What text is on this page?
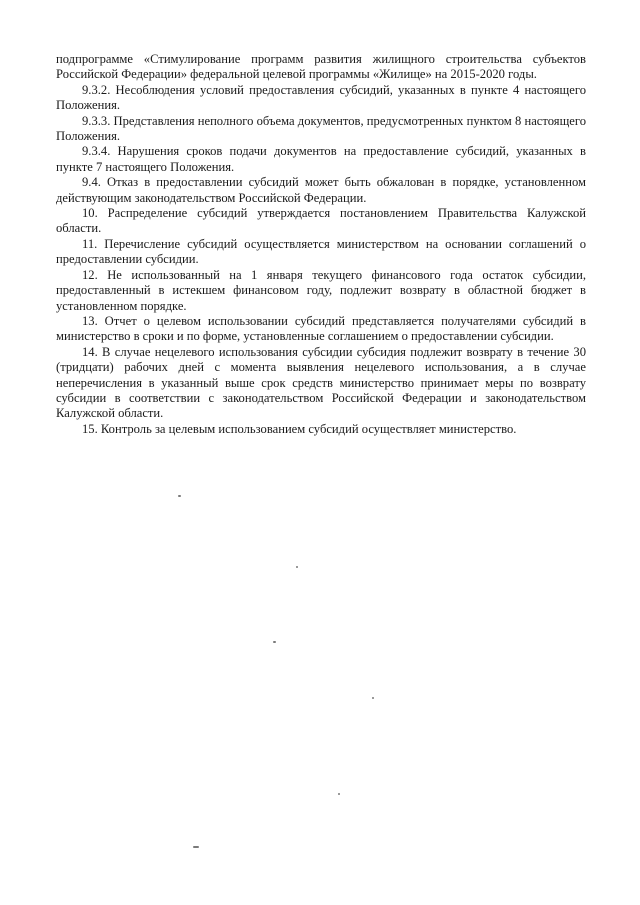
подпрограмме «Стимулирование программ развития жилищного строительства субъектов Российской Федерации» федеральной целевой программы «Жилище» на 2015-2020 годы.

9.3.2. Несоблюдения условий предоставления субсидий, указанных в пункте 4 настоящего Положения.

9.3.3. Представления неполного объема документов, предусмотренных пунктом 8 настоящего Положения.

9.3.4. Нарушения сроков подачи документов на предоставление субсидий, указанных в пункте 7 настоящего Положения.

9.4. Отказ в предоставлении субсидий может быть обжалован в порядке, установленном действующим законодательством Российской Федерации.

10. Распределение субсидий утверждается постановлением Правительства Калужской области.

11. Перечисление субсидий осуществляется министерством на основании соглашений о предоставлении субсидии.

12. Не использованный на 1 января текущего финансового года остаток субсидии, предоставленный в истекшем финансовом году, подлежит возврату в областной бюджет в установленном порядке.

13. Отчет о целевом использовании субсидий представляется получателями субсидий в министерство в сроки и по форме, установленные соглашением о предоставлении субсидии.

14. В случае нецелевого использования субсидии субсидия подлежит возврату в течение 30 (тридцати) рабочих дней с момента выявления нецелевого использования, а в случае неперечисления в указанный выше срок средств министерство принимает меры по возврату субсидии в соответствии с законодательством Российской Федерации и законодательством Калужской области.

15. Контроль за целевым использованием субсидий осуществляет министерство.
